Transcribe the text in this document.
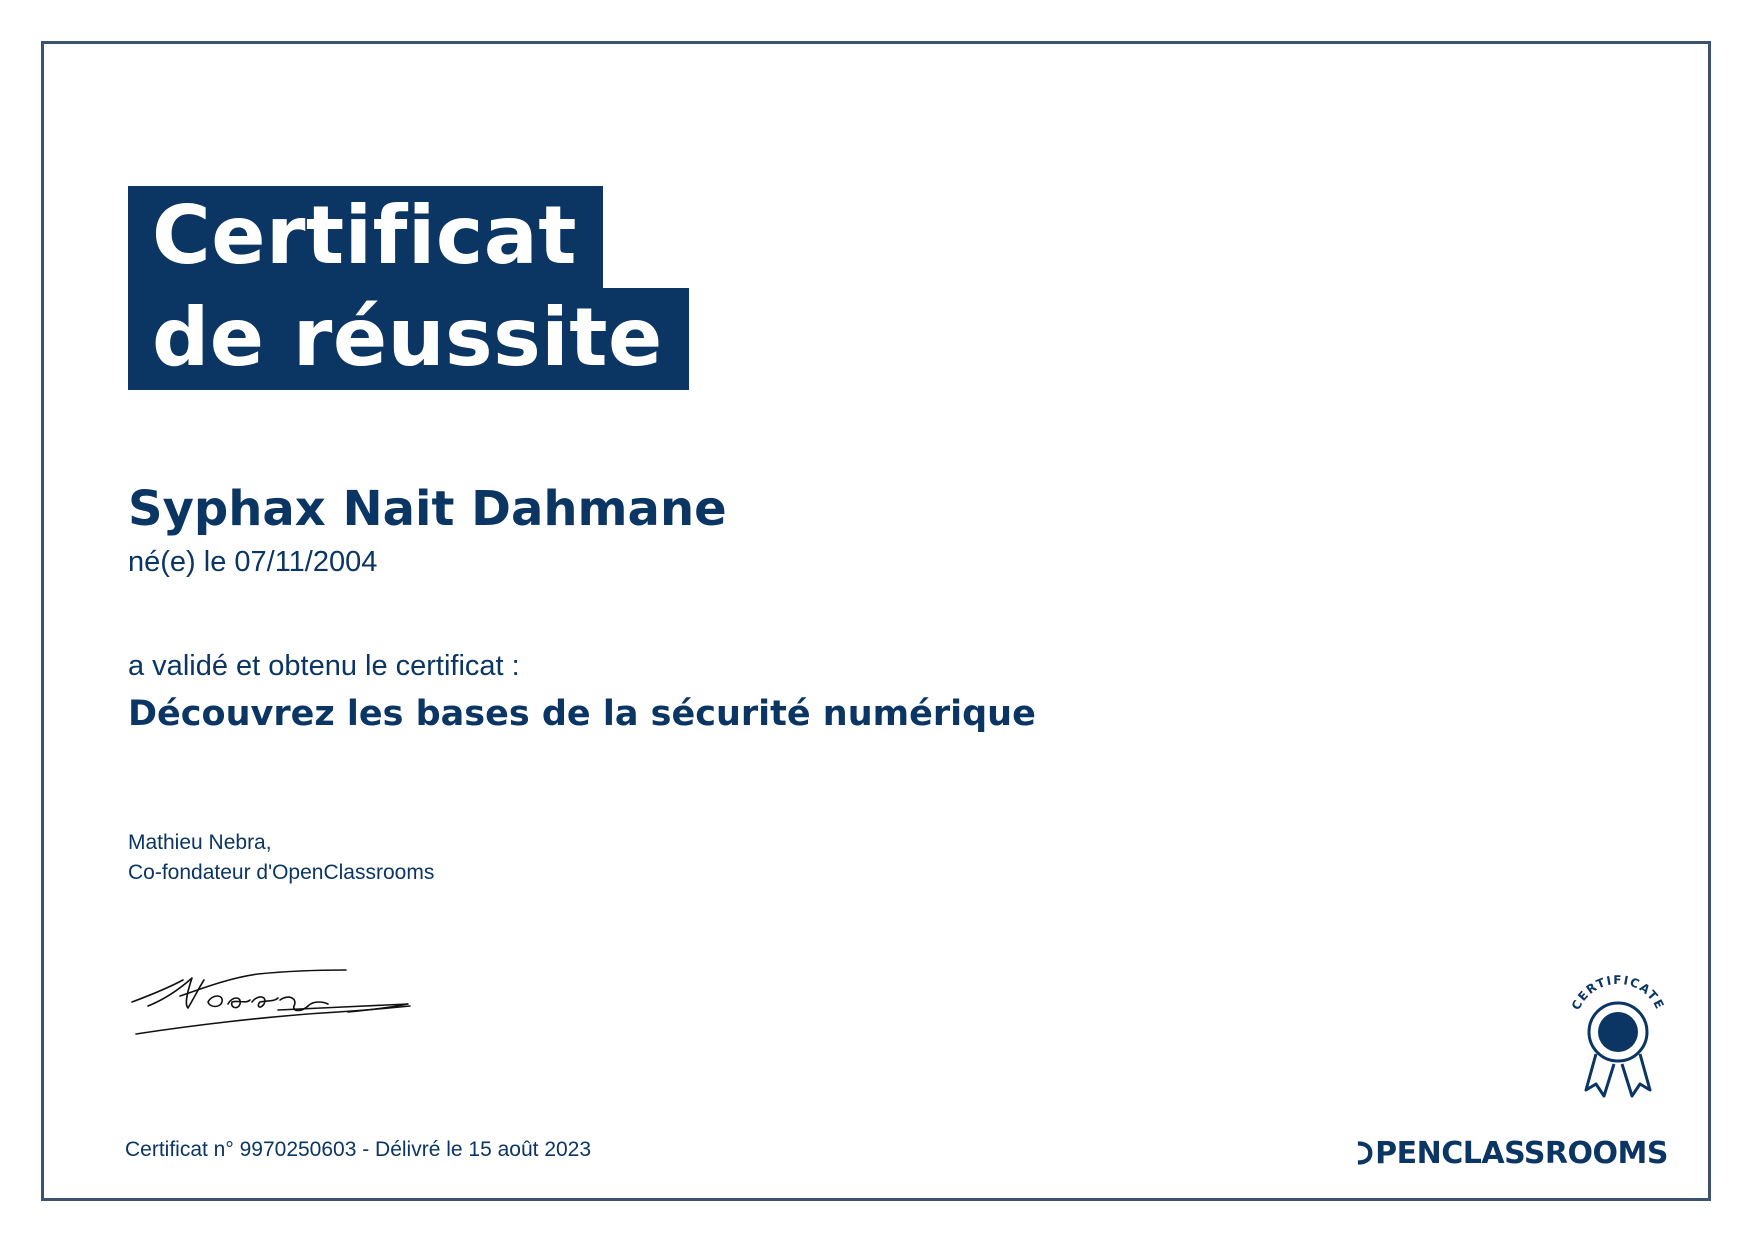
Certificat
de réussite
Syphax Nait Dahmane
né(e) le 07/11/2004
a validé et obtenu le certificat :
Découvrez les bases de la sécurité numérique
Mathieu Nebra,
Co-fondateur d'OpenClassrooms
Certificat n° 9970250603 - Délivré le 15 août 2023
CERTIFICATE
PENCLASSROOMS
